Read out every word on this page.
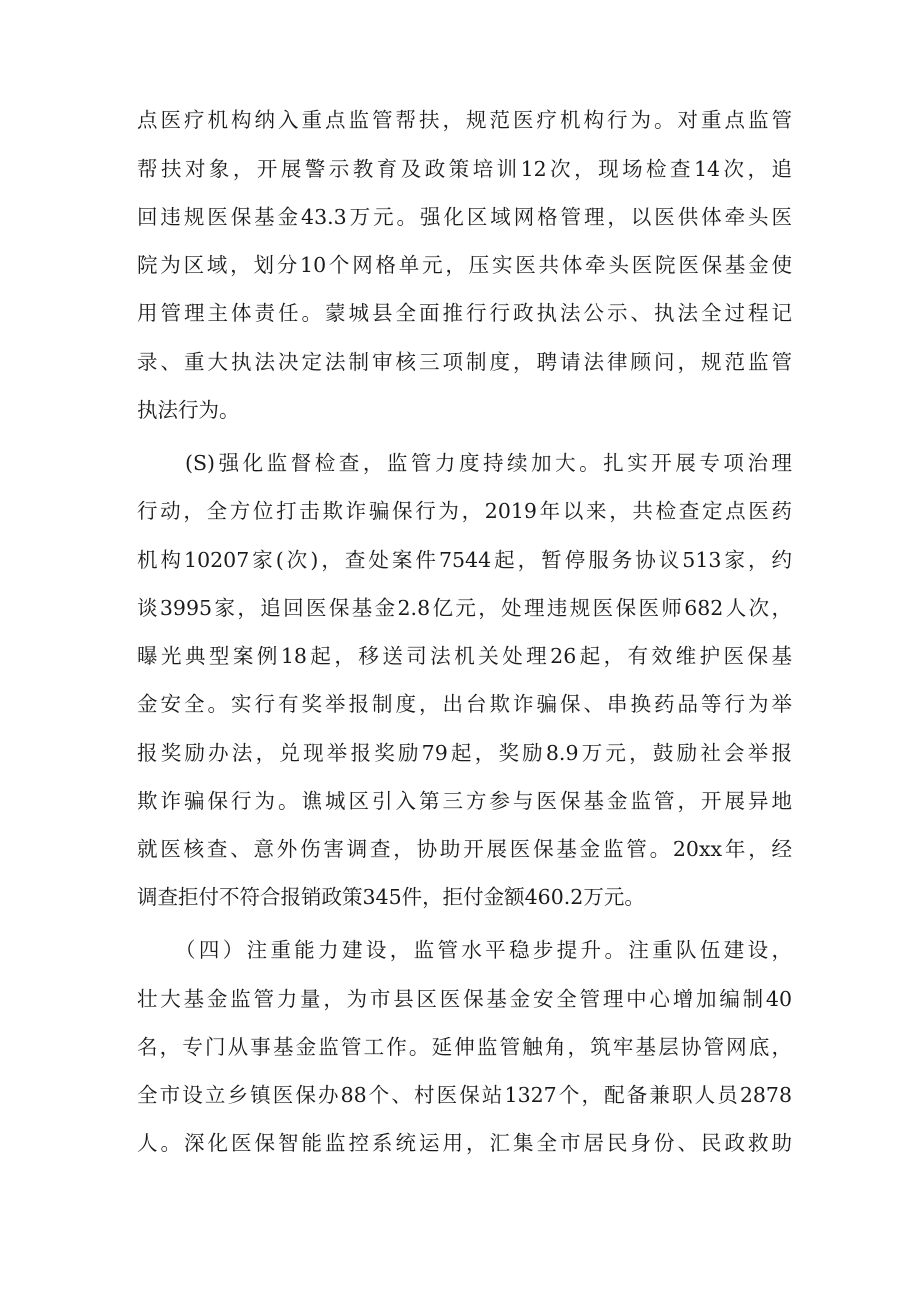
点医疗机构纳入重点监管帮扶，规范医疗机构行为。对重点监管
帮扶对象，开展警示教育及政策培训12次，现场检查14次，追
回违规医保基金43.3万元。强化区域网格管理，以医供体牵头医
院为区域，划分10个网格单元，压实医共体牵头医院医保基金使
用管理主体责任。蒙城县全面推行行政执法公示、执法全过程记
录、重大执法决定法制审核三项制度，聘请法律顾问，规范监管
执法行为。
(S)强化监督检查，监管力度持续加大。扎实开展专项治理
行动，全方位打击欺诈骗保行为，2019年以来，共检查定点医药
机构10207家(次)，查处案件7544起，暂停服务协议513家，约
谈3995家，追回医保基金2.8亿元，处理违规医保医师682人次，
曝光典型案例18起，移送司法机关处理26起，有效维护医保基
金安全。实行有奖举报制度，出台欺诈骗保、串换药品等行为举
报奖励办法，兑现举报奖励79起，奖励8.9万元，鼓励社会举报
欺诈骗保行为。谯城区引入第三方参与医保基金监管，开展异地
就医核查、意外伤害调查，协助开展医保基金监管。20xx年，经
调查拒付不符合报销政策345件，拒付金额460.2万元。
（四）注重能力建设，监管水平稳步提升。注重队伍建设，
壮大基金监管力量，为市县区医保基金安全管理中心增加编制40
名，专门从事基金监管工作。延伸监管触角，筑牢基层协管网底，
全市设立乡镇医保办88个、村医保站1327个，配备兼职人员2878
人。深化医保智能监控系统运用，汇集全市居民身份、民政救助
